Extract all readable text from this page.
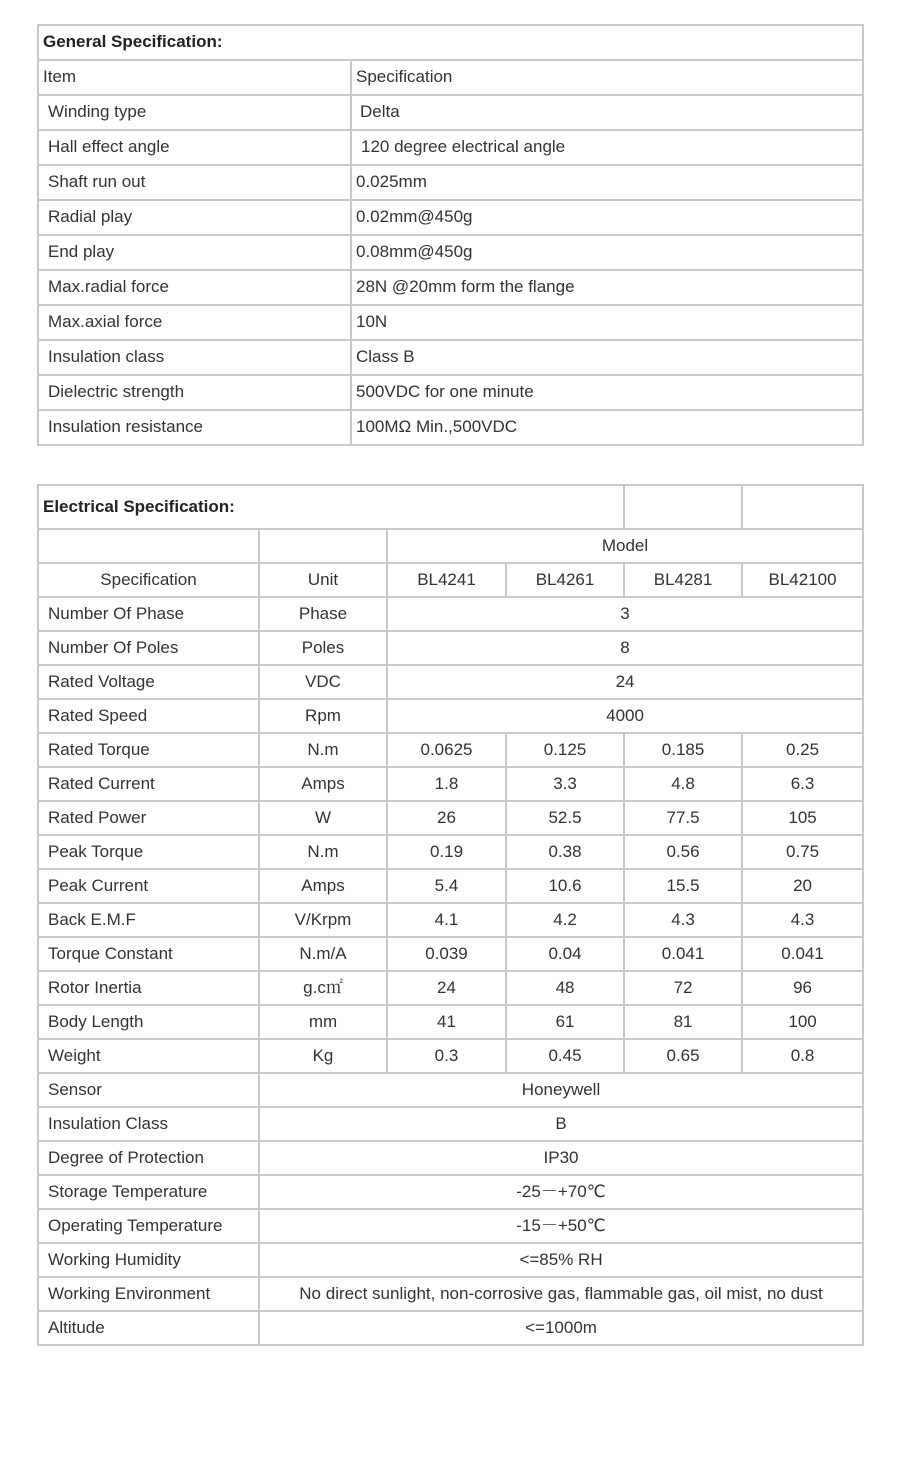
General Specification:	
Item	Specification
Winding type	Delta
Hall effect angle	120 degree electrical angle
Shaft run out	0.025mm
Radial play	0.02mm@450g
End play	0.08mm@450g
Max.radial force	28N @20mm form the flange
Max.axial force	10N
Insulation class	Class B
Dielectric strength	500VDC for one minute
Insulation resistance	100MΩ Min.,500VDC
Electrical Specification:					
		Model			
Specification	Unit	BL4241	BL4261	BL4281	BL42100
Number Of Phase	Phase	3			
Number Of Poles	Poles	8			
Rated Voltage	VDC	24			
Rated Speed	Rpm	4000			
Rated Torque	N.m	0.0625	0.125	0.185	0.25
Rated Current	Amps	1.8	3.3	4.8	6.3
Rated Power	W	26	52.5	77.5	105
Peak Torque	N.m	0.19	0.38	0.56	0.75
Peak Current	Amps	5.4	10.6	15.5	20
Back E.M.F	V/Krpm	4.1	4.2	4.3	4.3
Torque Constant	N.m/A	0.039	0.04	0.041	0.041
Rotor Inertia	g.c㎡	24	48	72	96
Body Length	mm	41	61	81	100
Weight	Kg	0.3	0.45	0.65	0.8
Sensor	Honeywell				
Insulation Class	B				
Degree of Protection	IP30				
Storage Temperature	-25－+70℃				
Operating Temperature	-15－+50℃				
Working Humidity	<=85% RH				
Working Environment	No direct sunlight, non-corrosive gas, flammable gas, oil mist, no dust				
Altitude	<=1000m				
